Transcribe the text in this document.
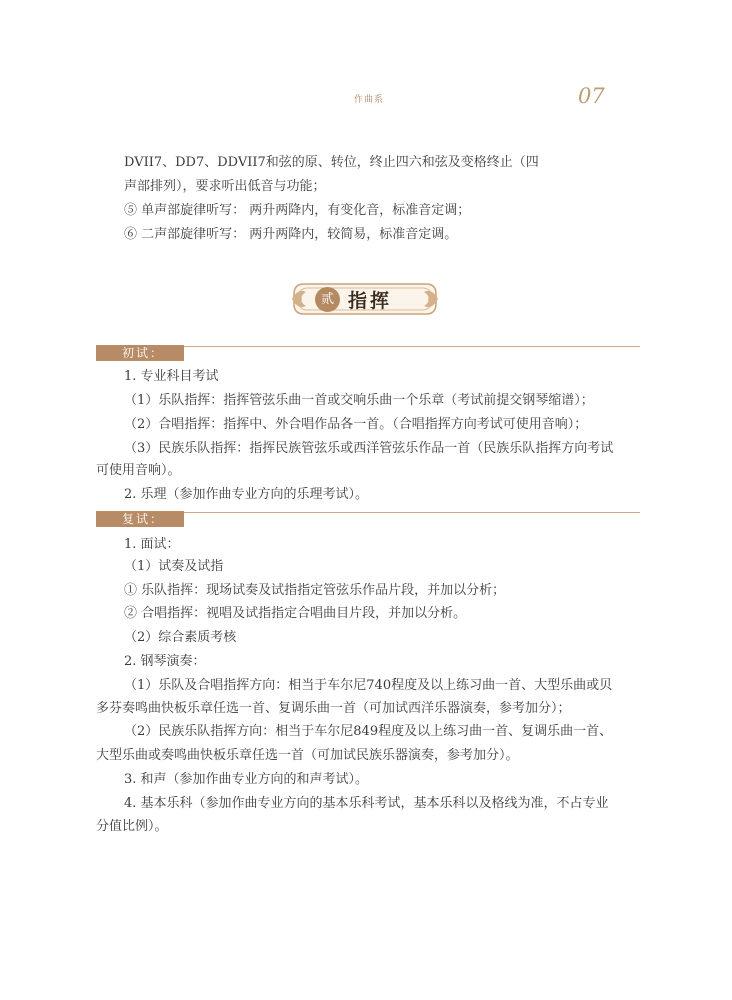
作曲系	07
DVII7、DD7、DDVII7和弦的原、转位，终止四六和弦及变格终止（四
声部排列），要求听出低音与功能；
⑤ 单声部旋律听写： 两升两降内，有变化音，标准音定调；
⑥ 二声部旋律听写： 两升两降内，较简易，标准音定调。
贰 指挥
初试：
1. 专业科目考试
（1）乐队指挥：指挥管弦乐曲一首或交响乐曲一个乐章（考试前提交钢琴缩谱）；
（2）合唱指挥：指挥中、外合唱作品各一首。（合唱指挥方向考试可使用音响）；
（3）民族乐队指挥：指挥民族管弦乐或西洋管弦乐作品一首（民族乐队指挥方向考试
可使用音响）。
2. 乐理（参加作曲专业方向的乐理考试）。
复试：
1. 面试：
（1）试奏及试指
① 乐队指挥：现场试奏及试指指定管弦乐作品片段，并加以分析；
② 合唱指挥：视唱及试指指定合唱曲目片段，并加以分析。
（2）综合素质考核
2. 钢琴演奏：
（1）乐队及合唱指挥方向：相当于车尔尼740程度及以上练习曲一首、大型乐曲或贝
多芬奏鸣曲快板乐章任选一首、复调乐曲一首（可加试西洋乐器演奏，参考加分）；
（2）民族乐队指挥方向：相当于车尔尼849程度及以上练习曲一首、复调乐曲一首、
大型乐曲或奏鸣曲快板乐章任选一首（可加试民族乐器演奏，参考加分）。
3. 和声（参加作曲专业方向的和声考试）。
4. 基本乐科（参加作曲专业方向的基本乐科考试，基本乐科以及格线为准，不占专业
分值比例）。
